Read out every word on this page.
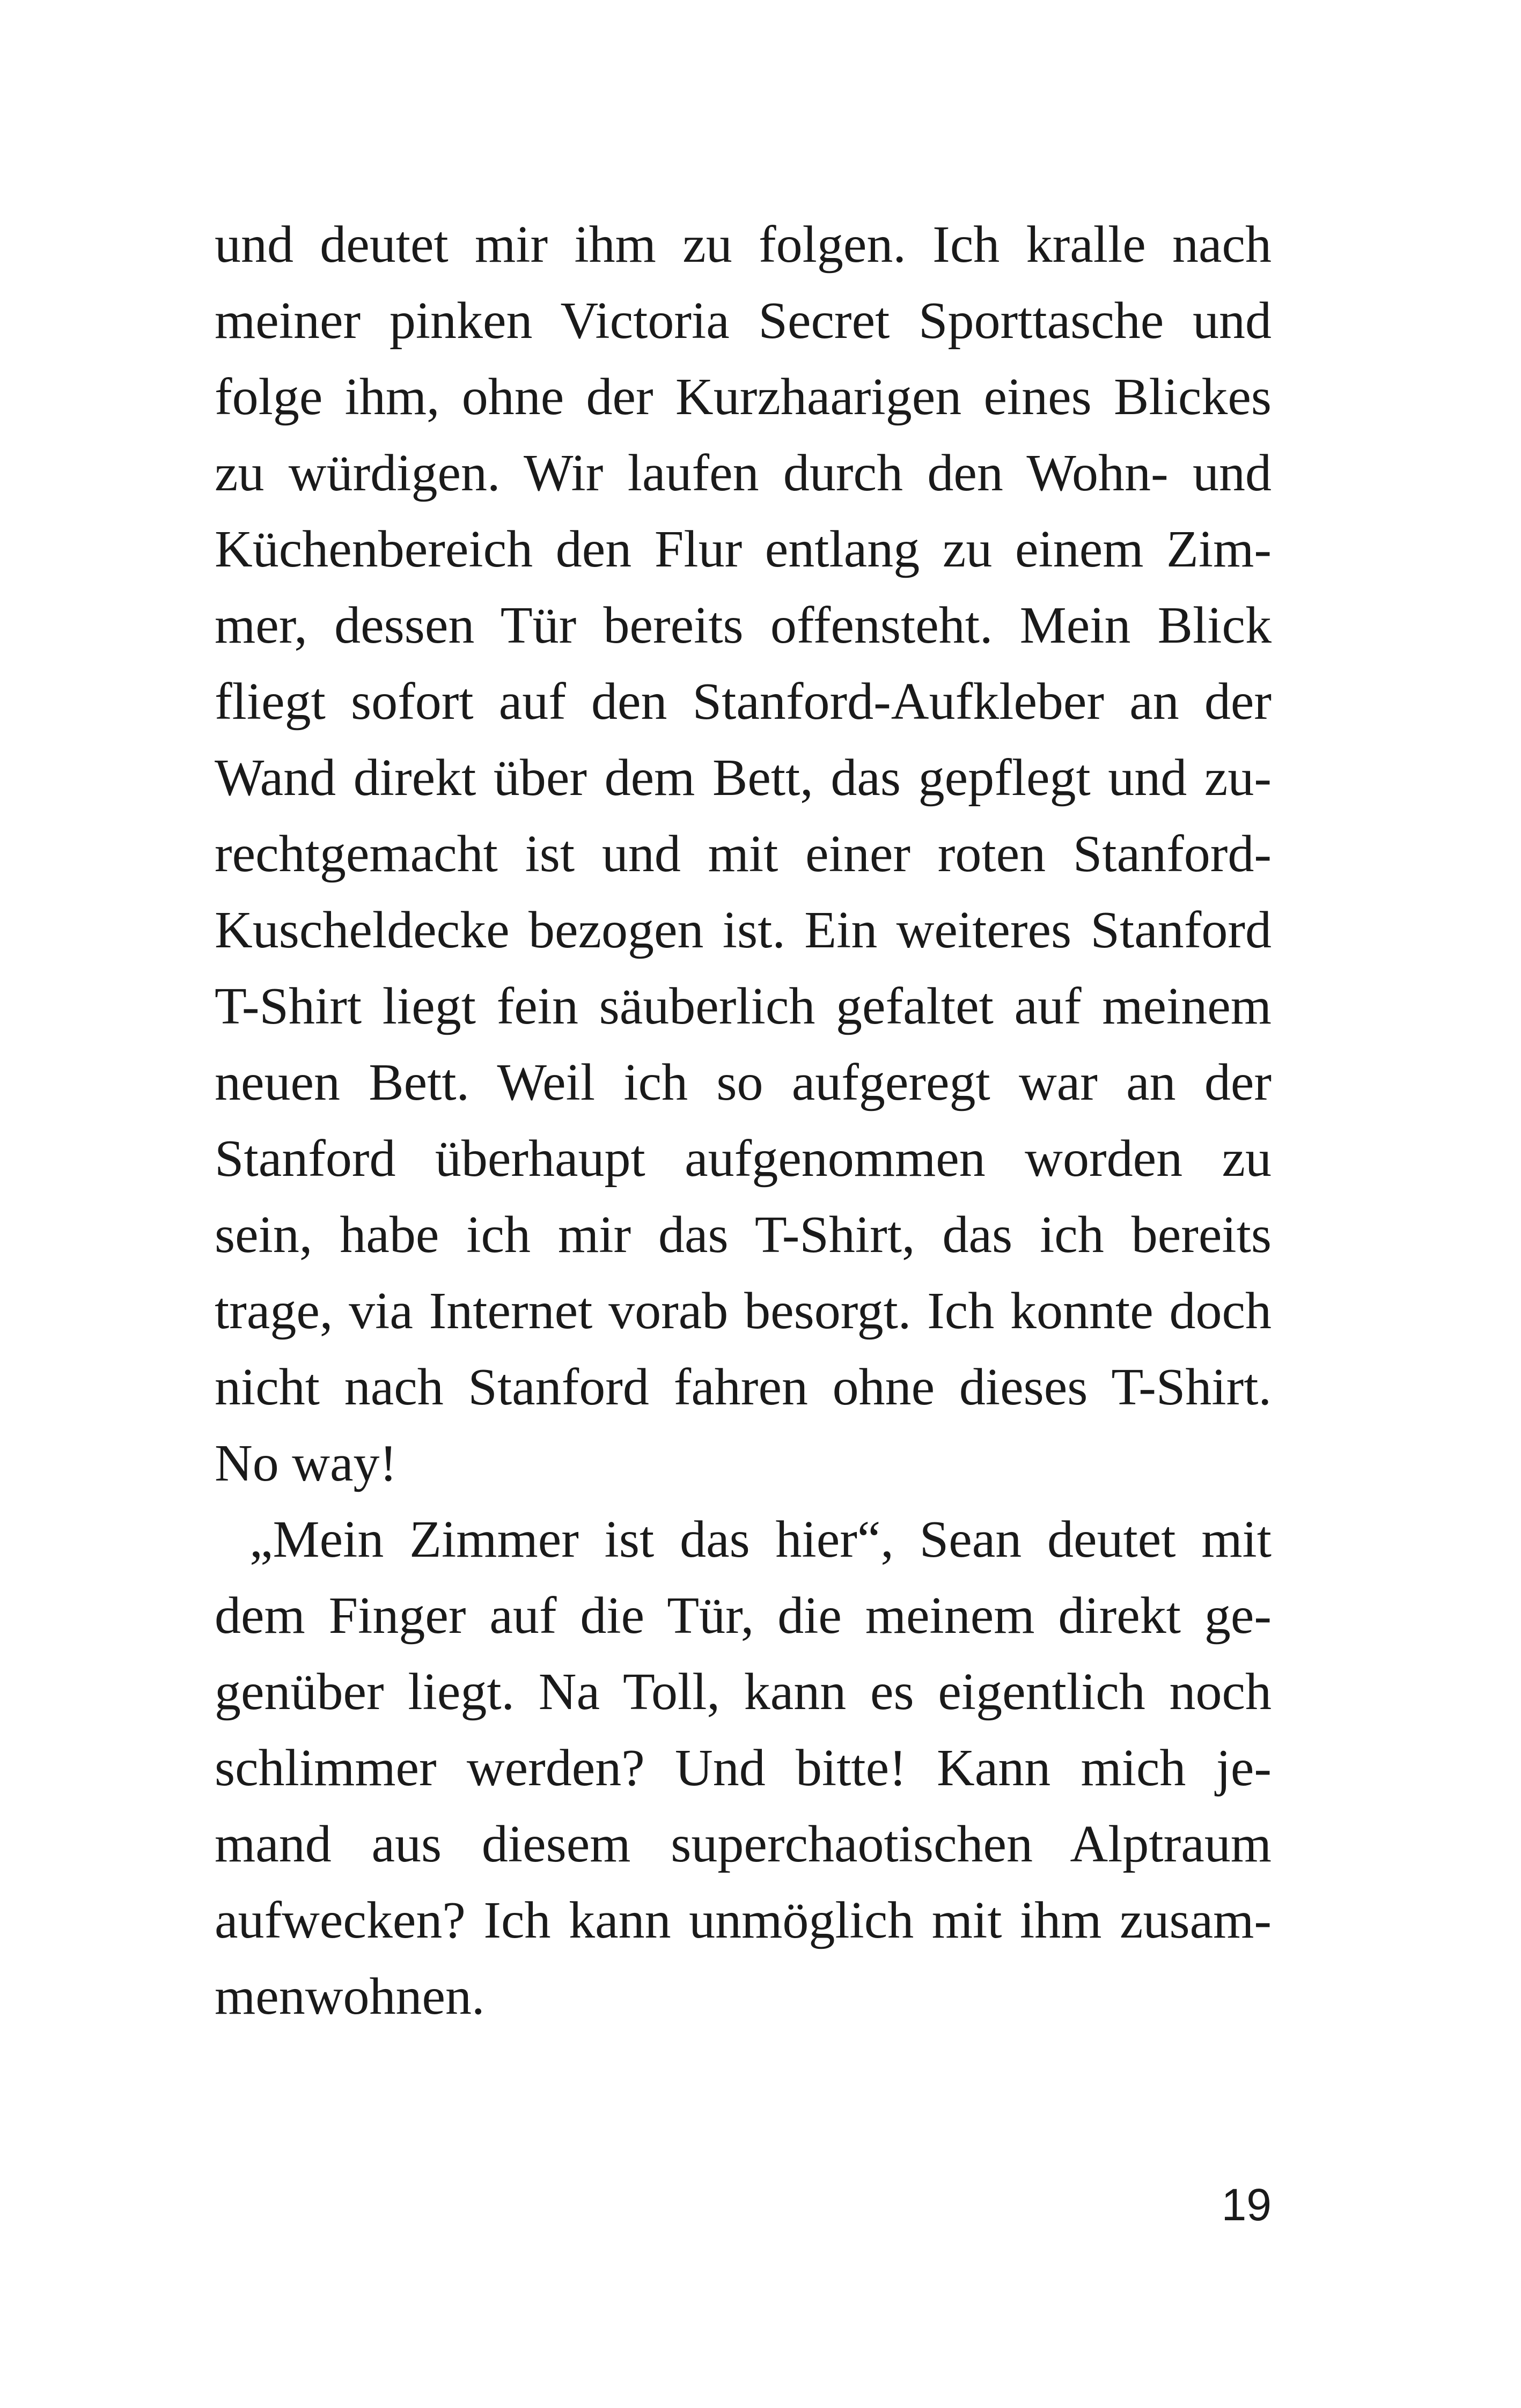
und deutet mir ihm zu folgen. Ich kralle nach
meiner pinken Victoria Secret Sporttasche und
folge ihm, ohne der Kurzhaarigen eines Blickes
zu würdigen. Wir laufen durch den Wohn- und
Küchenbereich den Flur entlang zu einem Zim-
mer, dessen Tür bereits offensteht. Mein Blick
fliegt sofort auf den Stanford-Aufkleber an der
Wand direkt über dem Bett, das gepflegt und zu-
rechtgemacht ist und mit einer roten Stanford-
Kuscheldecke bezogen ist. Ein weiteres Stanford
T-Shirt liegt fein säuberlich gefaltet auf meinem
neuen Bett. Weil ich so aufgeregt war an der
Stanford überhaupt aufgenommen worden zu
sein, habe ich mir das T-Shirt, das ich bereits
trage, via Internet vorab besorgt. Ich konnte doch
nicht nach Stanford fahren ohne dieses T-Shirt.
No way!
„Mein Zimmer ist das hier“, Sean deutet mit
dem Finger auf die Tür, die meinem direkt ge-
genüber liegt. Na Toll, kann es eigentlich noch
schlimmer werden? Und bitte! Kann mich je-
mand aus diesem superchaotischen Alptraum
aufwecken? Ich kann unmöglich mit ihm zusam-
menwohnen.
19
